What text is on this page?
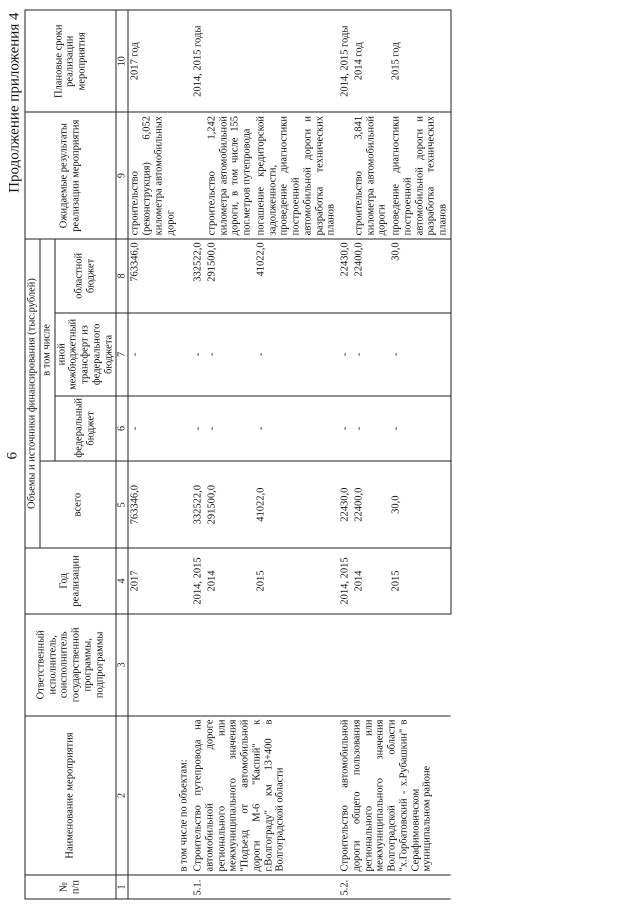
6
Продолжение приложения 4
№ п/п	Наименование мероприятия	Ответственный исполнитель, соисполнитель государственной программы, подпрограммы	Год реализации	Объемы и источники финансирования (тыс.рублей)				Ожидаемые результаты реализации мероприятия	Плановые сроки реализации мероприятия
				всего	в том числе				
					федеральный бюджет	иной межбюджетный трансферт из федерального бюджета	областной бюджет		
1	2	3	4	5	6	7	8	9	10
			2017	763346,0	-	-	763346,0	строительство (реконструкция) 6,052 километра автомобильных дорог	2017 год
	в том числе по объектам:								
5.1.	Строительство путепровода на автомобильной дороге регионального или межмуниципального значения "Подъезд от автомобильной дороги М-6 "Каспий" к г.Волгограду" км 13+400 в Волгоградской области		2014, 2015	332522,0	-	-	332522,0		2014, 2015 годы
			2014	291500,0	-	-	291500,0	строительство 1,242 километра автомобильной дороги, в том числе 155 пог.метров путепровода	
			2015	41022,0	-	-	41022,0	погашение кредиторской задолженности, проведение диагностики построенной автомобильной дороги и разработка технических планов	
5.2.	Строительство автомобильной дороги общего пользования регионального или межмуниципального значения Волгоградской области "х.Горбатовский - х.Рубашкин" в Серафимовичском муниципальном районе		2014, 2015	22430,0	-	-	22430,0		2014, 2015 годы
			2014	22400,0	-	-	22400,0	строительство 3,841 километра автомобильной дороги	2014 год
			2015	30,0	-	-	30,0	проведение диагностики построенной автомобильной дороги и разработка технических планов	2015 год
